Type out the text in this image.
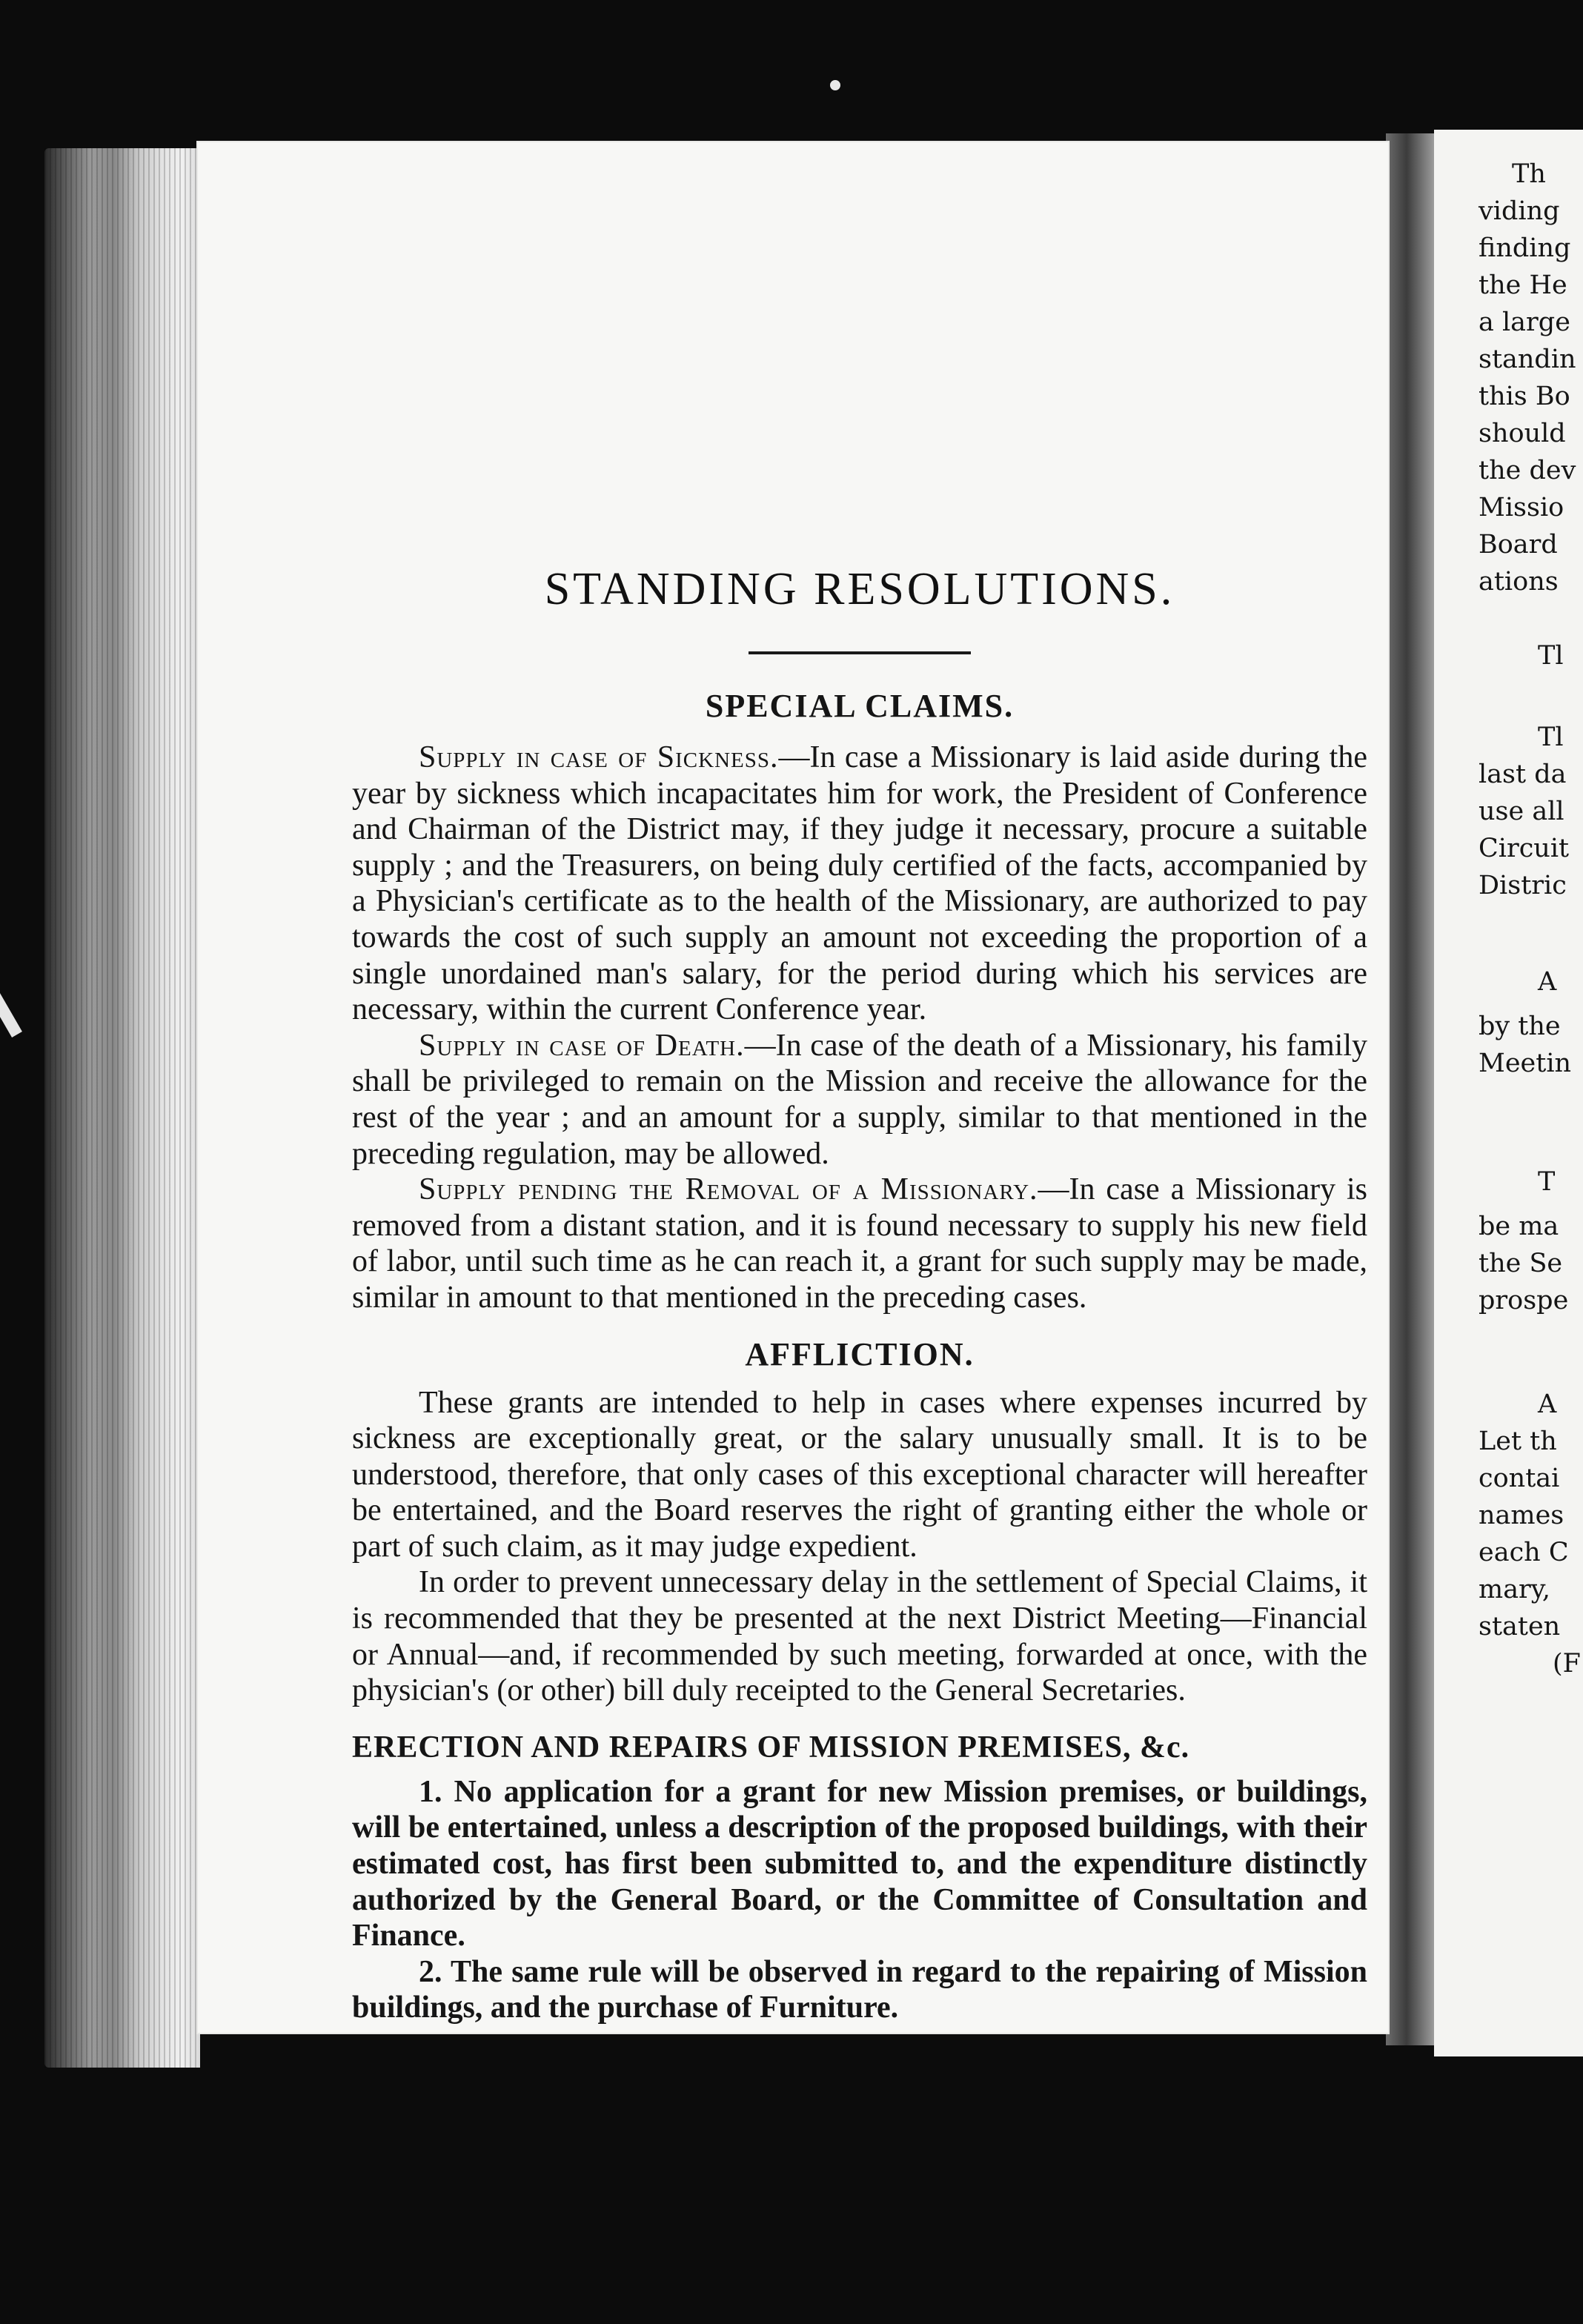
Th
viding
finding
the He
a large
standin
this Bo
should
the dev
Missio
Board
ations
Tl
Tl
last da
use all
Circuit
Distric
A
by the
Meetin
T
be ma
the Se
prospe
A
Let th
contai
names
each C
mary,
staten
(F
STANDING RESOLUTIONS.
SPECIAL CLAIMS.

Supply in case of Sickness.—In case a Missionary is laid aside during the year by sickness which incapacitates him for work, the President of Conference and Chairman of the District may, if they judge it necessary, procure a suitable supply ; and the Treasurers, on being duly certified of the facts, accompanied by a Physician's certificate as to the health of the Missionary, are authorized to pay towards the cost of such supply an amount not exceeding the proportion of a single unordained man's salary, for the period during which his services are necessary, within the current Conference year.

Supply in case of Death.—In case of the death of a Missionary, his family shall be privileged to remain on the Mission and receive the allowance for the rest of the year ; and an amount for a supply, similar to that mentioned in the preceding regulation, may be allowed.

Supply pending the Removal of a Missionary.—In case a Missionary is removed from a distant station, and it is found necessary to supply his new field of labor, until such time as he can reach it, a grant for such supply may be made, similar in amount to that mentioned in the preceding cases.

AFFLICTION.

These grants are intended to help in cases where expenses incurred by sickness are exceptionally great, or the salary unusually small. It is to be understood, therefore, that only cases of this exceptional character will hereafter be entertained, and the Board reserves the right of granting either the whole or part of such claim, as it may judge expedient.

In order to prevent unnecessary delay in the settlement of Special Claims, it is recommended that they be presented at the next District Meeting—Financial or Annual—and, if recommended by such meeting, forwarded at once, with the physician's (or other) bill duly receipted to the General Secretaries.

ERECTION AND REPAIRS OF MISSION PREMISES, &c.

1. No application for a grant for new Mission premises, or buildings, will be entertained, unless a description of the proposed buildings, with their estimated cost, has first been submitted to, and the expenditure distinctly authorized by the General Board, or the Committee of Consultation and Finance.

2. The same rule will be observed in regard to the repairing of Mission buildings, and the purchase of Furniture.
